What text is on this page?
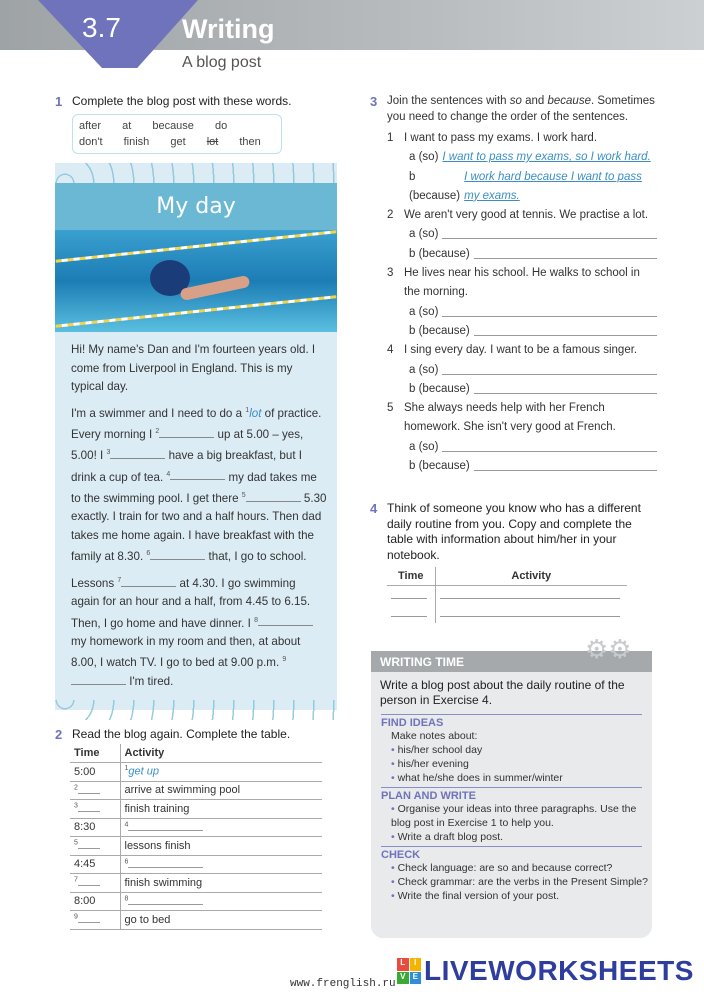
3.7 Writing
A blog post
1 Complete the blog post with these words.
after at because do don't finish get lot then
My day

Hi! My name's Dan and I'm fourteen years old. I come from Liverpool in England. This is my typical day.

I'm a swimmer and I need to do a $^1$lot of practice. Every morning I $^2$	up at 5.00 – yes, 5.00! I $^3$	have a big breakfast, but I drink a cup of tea. $^4$	my dad takes me to the swimming pool. I get there $^5$	5.30 exactly. I train for two and a half hours. Then dad takes me home again. I have breakfast with the family at 8.30. $^6$	that, I go to school.

Lessons $^7$	at 4.30. I go swimming again for an hour and a half, from 4.45 to 6.15. Then, I go home and have dinner. I $^8$ my homework in my room and then, at about 8.00, I watch TV. I go to bed at 9.00 p.m. $^9$ I'm tired.

2 Read the blog again. Complete the table.
Time	Activity
5:00	$^1$get up
$^2$	arrive at swimming pool
$^3$	finish training
8:30	$^4$
$^5$	lessons finish
4:45	$^6$
$^7$	finish swimming
8:00	$^8$
$^9$	go to bed
3 Join the sentences with so and because. Sometimes you need to change the order of the sentences.
1 I want to pass my exams. I work hard.
a (so) I want to pass my exams, so I work hard.
b (because)
I work hard because I want to pass my exams.
2 We aren't very good at tennis. We practise a lot.
a (so)
b (because)
3 He lives near his school. He walks to school in the morning.
a (so)
b (because)
4 I sing every day. I want to be a famous singer.
a (so)
b (because)
5 She always needs help with her French homework. She isn't very good at French.
a (so)
b (because)
4 Think of someone you know who has a different daily routine from you. Copy and complete the table with information about him/her in your notebook.
Time	Activity

WRITING TIME
Write a blog post about the daily routine of the person in Exercise 4.
FIND IDEAS
Make notes about:
• his/her school day
• his/her evening
• what he/she does in summer/winter
PLAN AND WRITE
• Organise your ideas into three paragraphs. Use the blog post in Exercise 1 to help you.
• Write a draft blog post.
CHECK
• Check language: are so and because correct?
• Check grammar: are the verbs in the Present Simple?
• Write the final version of your post.
⚙⚙
L	I
V E LIVEWORKSHEETS
www.frenglish.ru
